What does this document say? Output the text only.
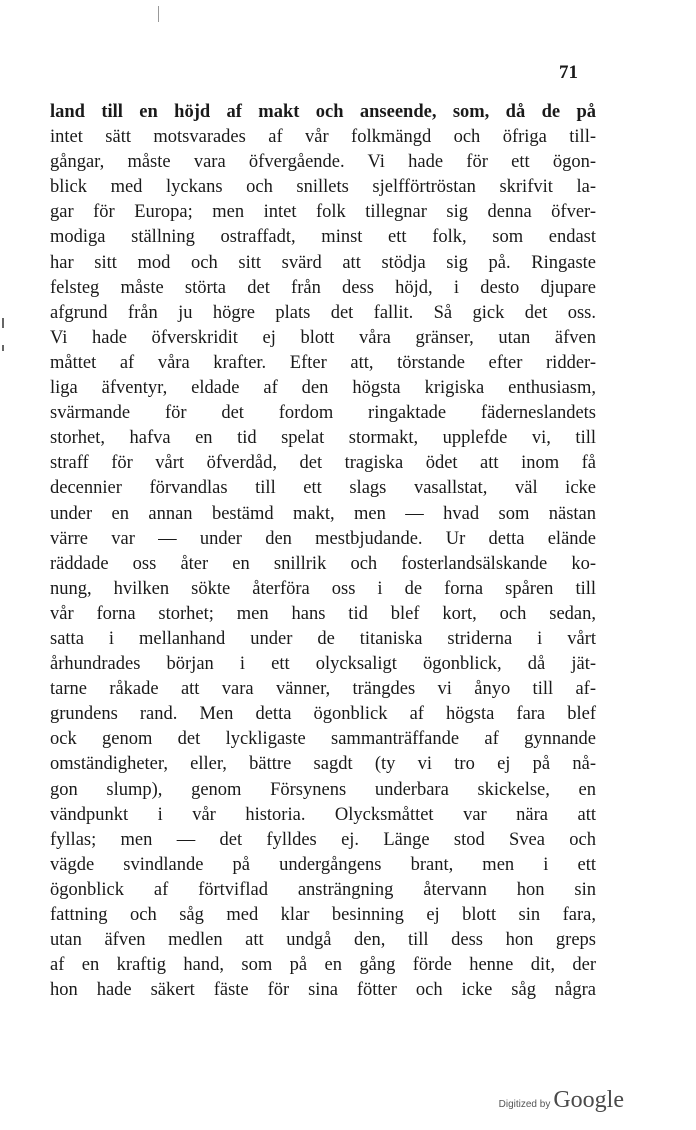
71
land till en höjd af makt och anseende, som, då de på
intet sätt motsvarades af vår folkmängd och öfriga till-
gångar, måste vara öfvergående. Vi hade för ett ögon-
blick med lyckans och snillets sjelfförtröstan skrifvit la-
gar för Europa; men intet folk tillegnar sig denna öfver-
modiga ställning ostraffadt, minst ett folk, som endast
har sitt mod och sitt svärd att stödja sig på. Ringaste
felsteg måste störta det från dess höjd, i desto djupare
afgrund från ju högre plats det fallit. Så gick det oss.
Vi hade öfverskridit ej blott våra gränser, utan äfven
måttet af våra krafter. Efter att, törstande efter ridder-
liga äfventyr, eldade af den högsta krigiska enthusiasm,
svärmande för det fordom ringaktade fäderneslandets
storhet, hafva en tid spelat stormakt, upplefde vi, till
straff för vårt öfverdåd, det tragiska ödet att inom få
decennier förvandlas till ett slags vasallstat, väl icke
under en annan bestämd makt, men — hvad som nästan
värre var — under den mestbjudande. Ur detta elände
räddade oss åter en snillrik och fosterlandsälskande ko-
nung, hvilken sökte återföra oss i de forna spåren till
vår forna storhet; men hans tid blef kort, och sedan,
satta i mellanhand under de titaniska striderna i vårt
århundrades början i ett olycksaligt ögonblick, då jät-
tarne råkade att vara vänner, trängdes vi ånyo till af-
grundens rand. Men detta ögonblick af högsta fara blef
ock genom det lyckligaste sammanträffande af gynnande
omständigheter, eller, bättre sagdt (ty vi tro ej på nå-
gon slump), genom Försynens underbara skickelse, en
vändpunkt i vår historia. Olycksmåttet var nära att
fyllas; men — det fylldes ej. Länge stod Svea och
vägde svindlande på undergångens brant, men i ett
ögonblick af förtviflad ansträngning återvann hon sin
fattning och såg med klar besinning ej blott sin fara,
utan äfven medlen att undgå den, till dess hon greps
af en kraftig hand, som på en gång förde henne dit, der
hon hade säkert fäste för sina fötter och icke såg några
Digitized by Google
